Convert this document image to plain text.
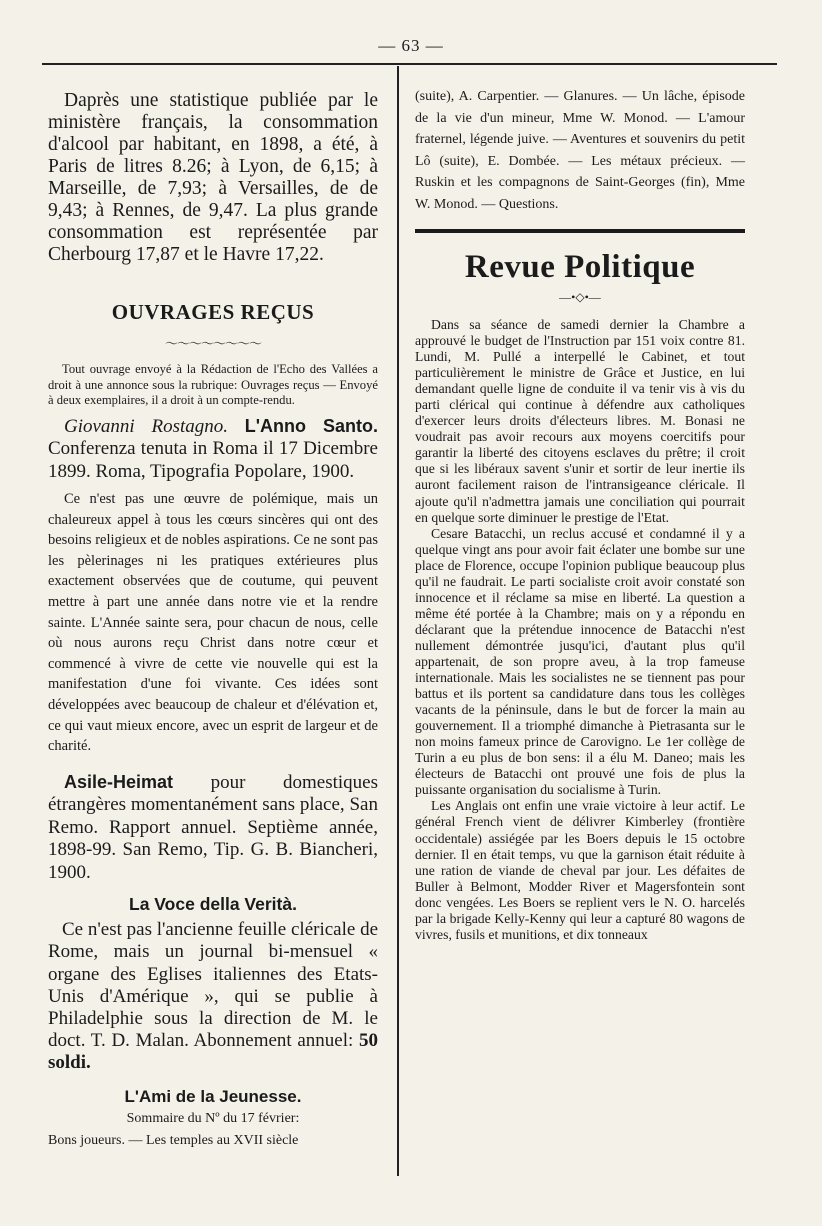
— 63 —

Daprès une statistique publiée par le ministère français, la consommation d'alcool par habitant, en 1898, a été, à Paris de litres 8.26; à Lyon, de 6,15; à Marseille, de 7,93; à Versailles, de de 9,43; à Rennes, de 9,47. La plus grande consommation est représentée par Cherbourg 17,87 et le Havre 17,22.

OUVRAGES REÇUS
〜〜〜〜〜〜〜〜

Tout ouvrage envoyé à la Rédaction de l'Echo des Vallées a droit à une annonce sous la rubrique: Ouvrages reçus — Envoyé à deux exemplaires, il a droit à un compte-rendu.

Giovanni Rostagno. L'Anno Santo. Conferenza tenuta in Roma il 17 Dicembre 1899. Roma, Tipografia Popolare, 1900.

Ce n'est pas une œuvre de polémique, mais un chaleureux appel à tous les cœurs sincères qui ont des besoins religieux et de nobles aspirations. Ce ne sont pas les pèlerinages ni les pratiques extérieures plus exactement observées que de coutume, qui peuvent mettre à part une année dans notre vie et la rendre sainte. L'Année sainte sera, pour chacun de nous, celle où nous aurons reçu Christ dans notre cœur et commencé à vivre de cette vie nouvelle qui est la manifestation d'une foi vivante. Ces idées sont développées avec beaucoup de chaleur et d'élévation et, ce qui vaut mieux encore, avec un esprit de largeur et de charité.

Asile-Heimat pour domestiques étrangères momentanément sans place, San Remo. Rapport annuel. Septième année, 1898-99. San Remo, Tip. G. B. Biancheri, 1900.

La Voce della Verità.

Ce n'est pas l'ancienne feuille cléricale de Rome, mais un journal bi-mensuel « organe des Eglises italiennes des Etats-Unis d'Amérique », qui se publie à Philadelphie sous la direction de M. le doct. T. D. Malan. Abonnement annuel: 50 soldi.

L'Ami de la Jeunesse.
Sommaire du Nº du 17 février:

Bons joueurs. — Les temples au XVII siècle

(suite), A. Carpentier. — Glanures. — Un lâche, épisode de la vie d'un mineur, Mme W. Monod. — L'amour fraternel, légende juive. — Aventures et souvenirs du petit Lô (suite), E. Dombée. — Les métaux précieux. — Ruskin et les compagnons de Saint-Georges (fin), Mme W. Monod. — Questions.

Revue Politique
—•◇•—

Dans sa séance de samedi dernier la Chambre a approuvé le budget de l'Instruction par 151 voix contre 81. Lundi, M. Pullé a interpellé le Cabinet, et tout particulièrement le ministre de Grâce et Justice, en lui demandant quelle ligne de conduite il va tenir vis à vis du parti clérical qui continue à défendre aux catholiques d'exercer leurs droits d'électeurs libres. M. Bonasi ne voudrait pas avoir recours aux moyens coercitifs pour garantir la liberté des citoyens esclaves du prêtre; il croit que si les libéraux savent s'unir et sortir de leur inertie ils auront facilement raison de l'intransigeance cléricale. Il ajoute qu'il n'admettra jamais une conciliation qui pourrait en quelque sorte diminuer le prestige de l'Etat.

Cesare Batacchi, un reclus accusé et condamné il y a quelque vingt ans pour avoir fait éclater une bombe sur une place de Florence, occupe l'opinion publique beaucoup plus qu'il ne faudrait. Le parti socialiste croit avoir constaté son innocence et il réclame sa mise en liberté. La question a même été portée à la Chambre; mais on y a répondu en déclarant que la prétendue innocence de Batacchi n'est nullement démontrée jusqu'ici, d'autant plus qu'il appartenait, de son propre aveu, à la trop fameuse internationale. Mais les socialistes ne se tiennent pas pour battus et ils portent sa candidature dans tous les collèges vacants de la péninsule, dans le but de forcer la main au gouvernement. Il a triomphé dimanche à Pietrasanta sur le non moins fameux prince de Carovigno. Le 1er collège de Turin a eu plus de bon sens: il a élu M. Daneo; mais les électeurs de Batacchi ont prouvé une fois de plus la puissante organisation du socialisme à Turin.

Les Anglais ont enfin une vraie victoire à leur actif. Le général French vient de délivrer Kimberley (frontière occidentale) assiégée par les Boers depuis le 15 octobre dernier. Il en était temps, vu que la garnison était réduite à une ration de viande de cheval par jour. Les défaites de Buller à Belmont, Modder River et Magersfontein sont donc vengées. Les Boers se replient vers le N. O. harcelés par la brigade Kelly-Kenny qui leur a capturé 80 wagons de vivres, fusils et munitions, et dix tonneaux
